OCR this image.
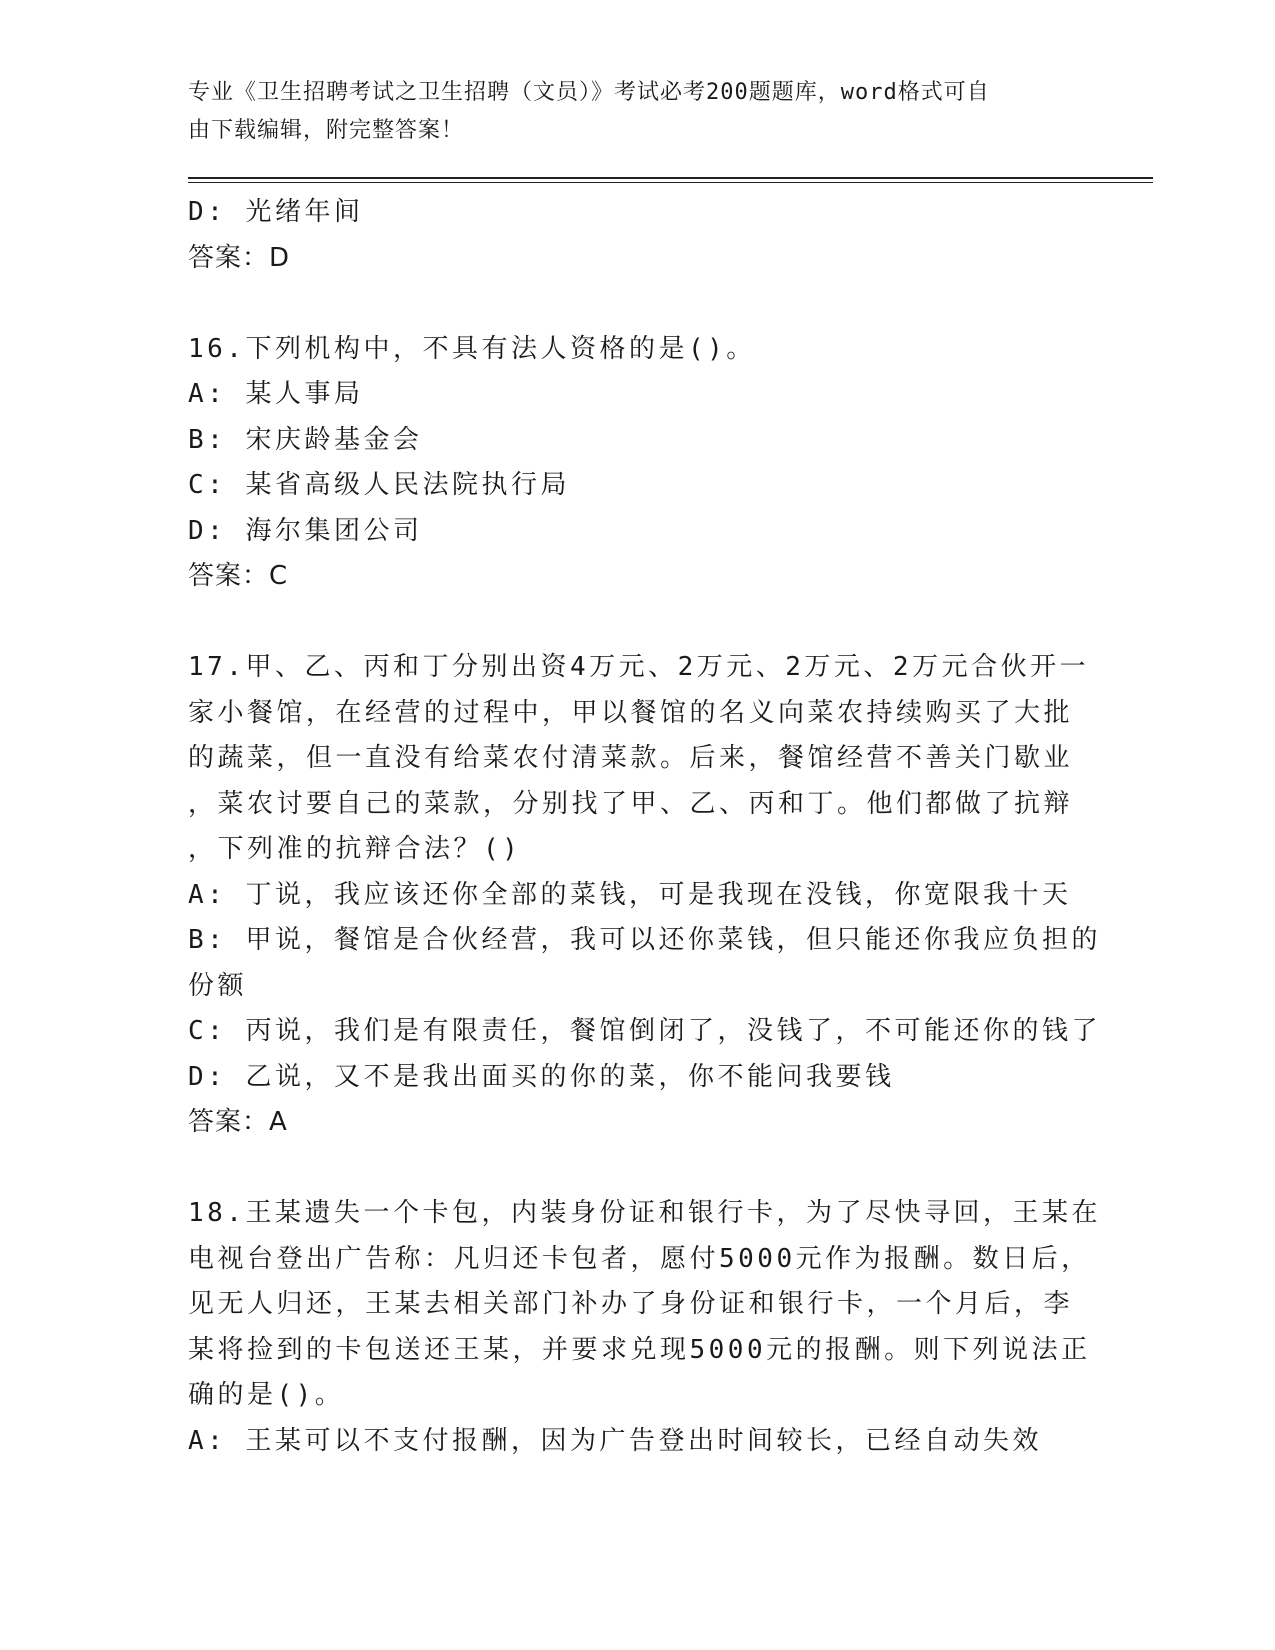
专业《卫生招聘考试之卫生招聘（文员）》考试必考200题题库，word格式可自
由下载编辑，附完整答案！
D: 光绪年间
答案：D
16.下列机构中，不具有法人资格的是()。
A: 某人事局
B: 宋庆龄基金会
C: 某省高级人民法院执行局
D: 海尔集团公司
答案：C
17.甲、乙、丙和丁分别出资4万元、2万元、2万元、2万元合伙开一
家小餐馆，在经营的过程中，甲以餐馆的名义向菜农持续购买了大批
的蔬菜，但一直没有给菜农付清菜款。后来，餐馆经营不善关门歇业
，菜农讨要自己的菜款，分别找了甲、乙、丙和丁。他们都做了抗辩
，下列准的抗辩合法？()
A: 丁说，我应该还你全部的菜钱，可是我现在没钱，你宽限我十天
B: 甲说，餐馆是合伙经营，我可以还你菜钱，但只能还你我应负担的
份额
C: 丙说，我们是有限责任，餐馆倒闭了，没钱了，不可能还你的钱了
D: 乙说，又不是我出面买的你的菜，你不能问我要钱
答案：A
18.王某遗失一个卡包，内装身份证和银行卡，为了尽快寻回，王某在
电视台登出广告称：凡归还卡包者，愿付5000元作为报酬。数日后，
见无人归还，王某去相关部门补办了身份证和银行卡，一个月后，李
某将捡到的卡包送还王某，并要求兑现5000元的报酬。则下列说法正
确的是()。
A: 王某可以不支付报酬，因为广告登出时间较长，已经自动失效
